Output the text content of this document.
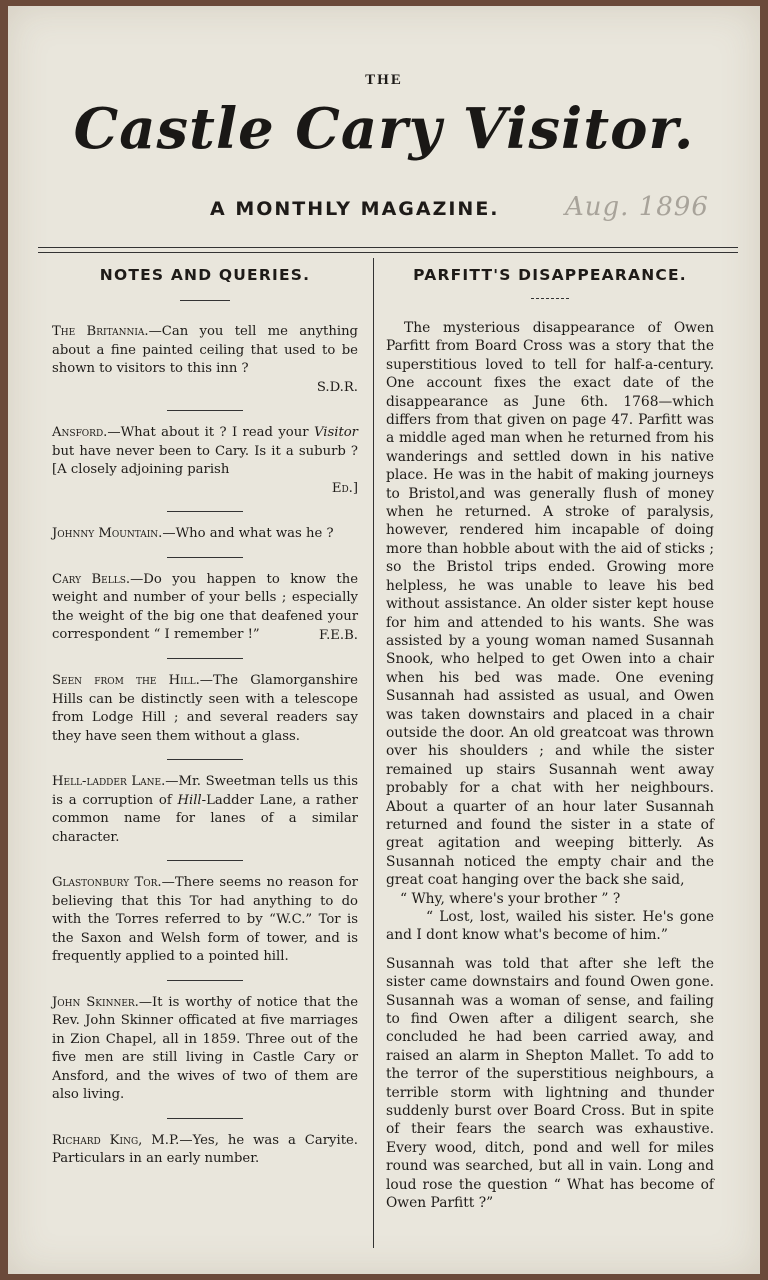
THE
Castle Cary Visitor.
A MONTHLY MAGAZINE.	Aug. 1896
NOTES AND QUERIES.

The Britannia.—Can you tell me anything about a fine painted ceiling that used to be shown to visitors to this inn ?

S.D.R.

Ansford.—What about it ? I read your Visitor but have never been to Cary. Is it a suburb ? [A closely adjoining parish

Ed.]

Johnny Mountain.—Who and what was he ?

Cary Bells.—Do you happen to know the weight and number of your bells ; especially the weight of the big one that deafened your correspondent “ I remember !”	F.E.B.

Seen from the Hill.—The Glamorganshire Hills can be distinctly seen with a telescope from Lodge Hill ; and several readers say they have seen them without a glass.

Hell-ladder Lane.—Mr. Sweetman tells us this is a corruption of Hill-Ladder Lane, a rather common name for lanes of a similar character.

Glastonbury Tor.—There seems no reason for believing that this Tor had anything to do with the Torres referred to by “W.C.” Tor is the Saxon and Welsh form of tower, and is frequently applied to a pointed hill.

John Skinner.—It is worthy of notice that the Rev. John Skinner officated at five marriages in Zion Chapel, all in 1859. Three out of the five men are still living in Castle Cary or Ansford, and the wives of two of them are also living.

Richard King, M.P.—Yes, he was a Caryite. Particulars in an early number.

PARFITT'S DISAPPEARANCE.

The mysterious disappearance of Owen Parfitt from Board Cross was a story that the superstitious loved to tell for half-a-century. One account fixes the exact date of the disappearance as June 6th. 1768—which differs from that given on page 47. Parfitt was a middle aged man when he returned from his wanderings and settled down in his native place. He was in the habit of making journeys to Bristol,and was generally flush of money when he returned. A stroke of paralysis, however, rendered him incapable of doing more than hobble about with the aid of sticks ; so the Bristol trips ended. Growing more helpless, he was unable to leave his bed without assistance. An older sister kept house for him and attended to his wants. She was assisted by a young woman named Susannah Snook, who helped to get Owen into a chair when his bed was made. One evening Susannah had assisted as usual, and Owen was taken downstairs and placed in a chair outside the door. An old greatcoat was thrown over his shoulders ; and while the sister remained up stairs Susannah went away probably for a chat with her neighbours. About a quarter of an hour later Susannah returned and found the sister in a state of great agitation and weeping bitterly. As Susannah noticed the empty chair and the great coat hanging over the back she said,

“ Why, where's your brother ” ?

“ Lost, lost, wailed his sister. He's gone and I dont know what's become of him.”

Susannah was told that after she left the sister came downstairs and found Owen gone. Susannah was a woman of sense, and failing to find Owen after a diligent search, she concluded he had been carried away, and raised an alarm in Shepton Mallet. To add to the terror of the superstitious neighbours, a terrible storm with lightning and thunder suddenly burst over Board Cross. But in spite of their fears the search was exhaustive. Every wood, ditch, pond and well for miles round was searched, but all in vain. Long and loud rose the question “ What has become of Owen Parfitt ?”
